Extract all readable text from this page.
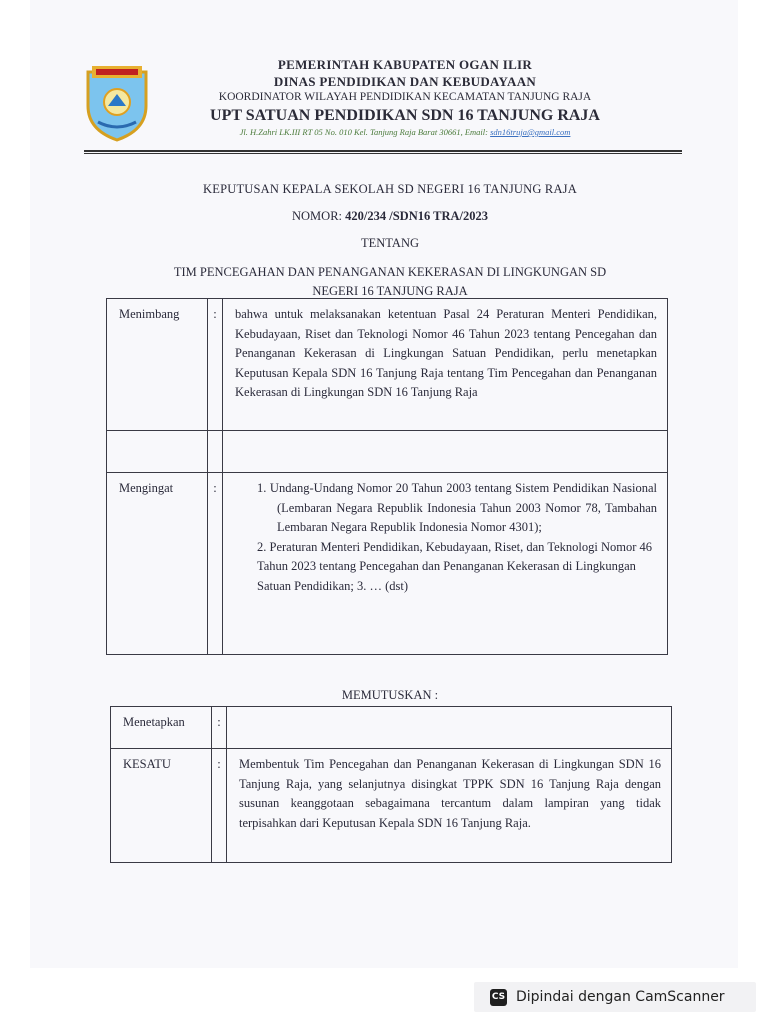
PEMERINTAH KABUPATEN OGAN ILIR
DINAS PENDIDIKAN DAN KEBUDAYAAN
KOORDINATOR WILAYAH PENDIDIKAN KECAMATAN TANJUNG RAJA
UPT SATUAN PENDIDIKAN SDN 16 TANJUNG RAJA
Jl. H.Zahri LK.III RT 05 No. 010 Kel. Tanjung Raja Barat 30661, Email: sdn16truja@gmail.com
KEPUTUSAN KEPALA SEKOLAH SD NEGERI 16 TANJUNG RAJA
NOMOR: 420/234 /SDN16 TRA/2023
TENTANG
TIM PENCEGAHAN DAN PENANGANAN KEKERASAN DI LINGKUNGAN SD
NEGERI 16 TANJUNG RAJA
Menimbang	:	bahwa untuk melaksanakan ketentuan Pasal 24 Peraturan Menteri Pendidikan, Kebudayaan, Riset dan Teknologi Nomor 46 Tahun 2023 tentang Pencegahan dan Penanganan Kekerasan di Lingkungan Satuan Pendidikan, perlu menetapkan Keputusan Kepala SDN 16 Tanjung Raja tentang Tim Pencegahan dan Penanganan Kekerasan di Lingkungan SDN 16 Tanjung Raja

Mengingat	:	1. Undang-Undang Nomor 20 Tahun 2003 tentang Sistem Pendidikan Nasional (Lembaran Negara Republik Indonesia Tahun 2003 Nomor 78, Tambahan Lembaran Negara Republik Indonesia Nomor 4301);
2. Peraturan Menteri Pendidikan, Kebudayaan, Riset, dan Teknologi Nomor 46 Tahun 2023 tentang Pencegahan dan Penanganan Kekerasan di Lingkungan Satuan Pendidikan; 3. … (dst)
MEMUTUSKAN :
Menetapkan	:	
KESATU	:	Membentuk Tim Pencegahan dan Penanganan Kekerasan di Lingkungan SDN 16 Tanjung Raja, yang selanjutnya disingkat TPPK SDN 16 Tanjung Raja dengan susunan keanggotaan sebagaimana tercantum dalam lampiran yang tidak terpisahkan dari Keputusan Kepala SDN 16 Tanjung Raja.
CS Dipindai dengan CamScanner
